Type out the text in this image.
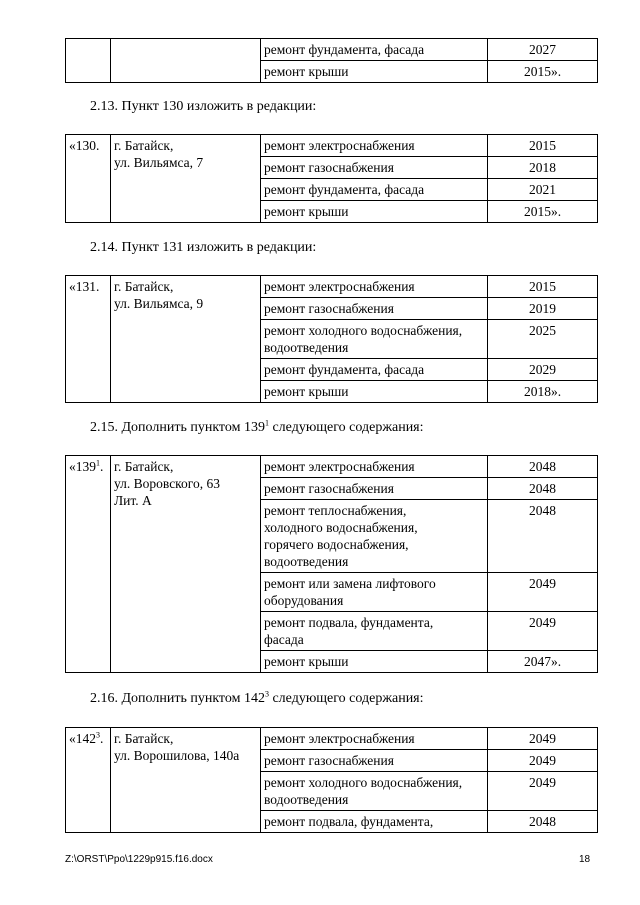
		ремонт фундамента, фасада	2027
		ремонт крыши	2015».
2.13. Пункт 130 изложить в редакции:
«130.	г. Батайск,
ул. Вильямса, 7	ремонт электроснабжения	2015
		ремонт газоснабжения	2018
		ремонт фундамента, фасада	2021
		ремонт крыши	2015».
2.14. Пункт 131 изложить в редакции:
«131.	г. Батайск,
ул. Вильямса, 9	ремонт электроснабжения	2015
		ремонт газоснабжения	2019

		ремонт холодного водоснабжения,
водоотведения	2025
		ремонт фундамента, фасада	2029
		ремонт крыши	2018».
2.15. Дополнить пунктом $139^1$ следующего содержания:
«$139^1$.	г. Батайск,
ул. Воровского, 63
Лит. А	ремонт электроснабжения	2048
		ремонт газоснабжения	2048

		ремонт теплоснабжения,
холодного водоснабжения,
горячего водоснабжения,
водоотведения	2048

		ремонт или замена лифтового
оборудования	2049

		ремонт подвала, фундамента,
фасада	2049
		ремонт крыши	2047».
2.16. Дополнить пунктом $142^3$ следующего содержания:
«$142^3$.	г. Батайск,
ул. Ворошилова, 140а	ремонт электроснабжения	2049
		ремонт газоснабжения	2049

		ремонт холодного водоснабжения,
водоотведения	2049
		ремонт подвала, фундамента,	2048
Z:\ORST\Ppo\1229p915.f16.docx	18
